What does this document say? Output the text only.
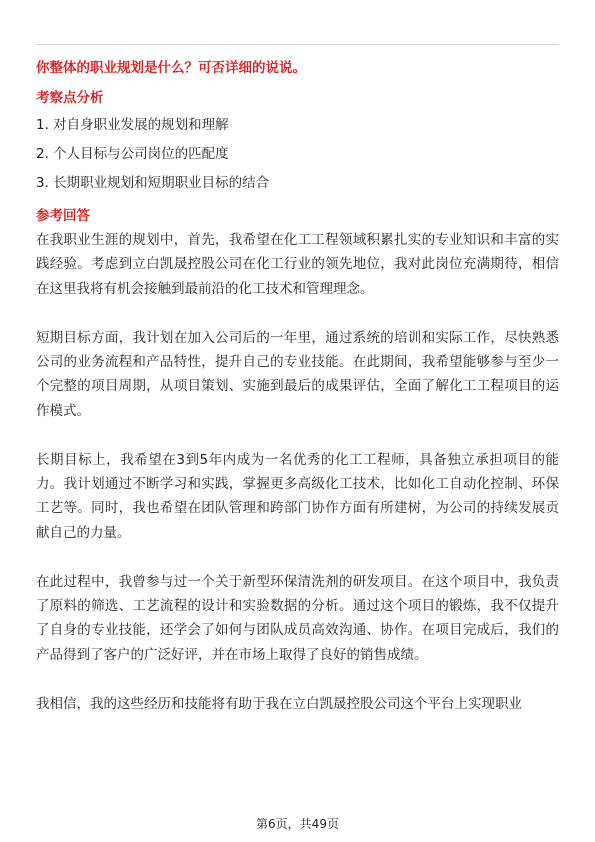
你整体的职业规划是什么？可否详细的说说。
考察点分析
1. 对自身职业发展的规划和理解
2. 个人目标与公司岗位的匹配度
3. 长期职业规划和短期职业目标的结合
参考回答

在我职业生涯的规划中，首先，我希望在化工工程领域积累扎实的专业知识和丰富的实践经验。考虑到立白凯晟控股公司在化工行业的领先地位，我对此岗位充满期待，相信在这里我将有机会接触到最前沿的化工技术和管理理念。

短期目标方面，我计划在加入公司后的一年里，通过系统的培训和实际工作，尽快熟悉公司的业务流程和产品特性，提升自己的专业技能。在此期间，我希望能够参与至少一个完整的项目周期，从项目策划、实施到最后的成果评估，全面了解化工工程项目的运作模式。

长期目标上，我希望在3到5年内成为一名优秀的化工工程师，具备独立承担项目的能力。我计划通过不断学习和实践，掌握更多高级化工技术，比如化工自动化控制、环保工艺等。同时，我也希望在团队管理和跨部门协作方面有所建树，为公司的持续发展贡献自己的力量。

在此过程中，我曾参与过一个关于新型环保清洗剂的研发项目。在这个项目中，我负责了原料的筛选、工艺流程的设计和实验数据的分析。通过这个项目的锻炼，我不仅提升了自身的专业技能，还学会了如何与团队成员高效沟通、协作。在项目完成后，我们的产品得到了客户的广泛好评，并在市场上取得了良好的销售成绩。

我相信，我的这些经历和技能将有助于我在立白凯晟控股公司这个平台上实现职业

第6页，共49页
